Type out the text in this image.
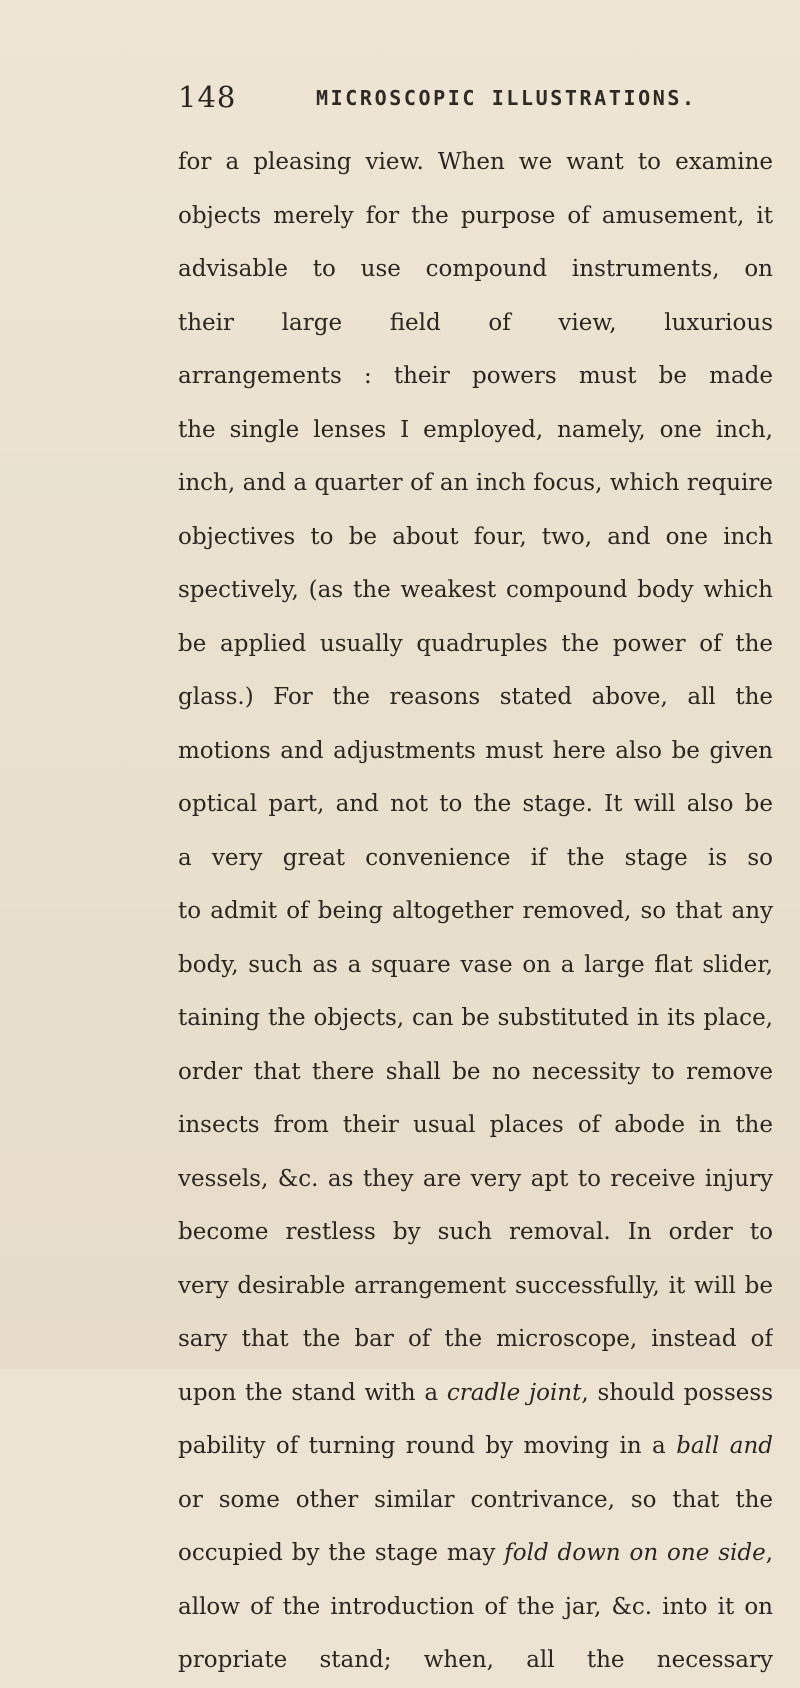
148	MICROSCOPIC ILLUSTRATIONS.
for a pleasing view. When we want to examine
objects merely for the purpose of amusement, it
advisable to use compound instruments, on
their large field of view, luxurious
arrangements : their powers must be made
the single lenses I employed, namely, one inch,
inch, and a quarter of an inch focus, which require
objectives to be about four, two, and one inch
spectively, (as the weakest compound body which
be applied usually quadruples the power of the
glass.) For the reasons stated above, all the
motions and adjustments must here also be given
optical part, and not to the stage. It will also be
a very great convenience if the stage is so
to admit of being altogether removed, so that any
body, such as a square vase on a large flat slider,
taining the objects, can be substituted in its place,
order that there shall be no necessity to remove
insects from their usual places of abode in the
vessels, &c. as they are very apt to receive injury
become restless by such removal. In order to
very desirable arrangement successfully, it will be
sary that the bar of the microscope, instead of
upon the stand with a cradle joint, should possess
pability of turning round by moving in a ball and
or some other similar contrivance, so that the
occupied by the stage may fold down on one side,
allow of the introduction of the jar, &c. into it on
propriate stand; when, all the necessary
